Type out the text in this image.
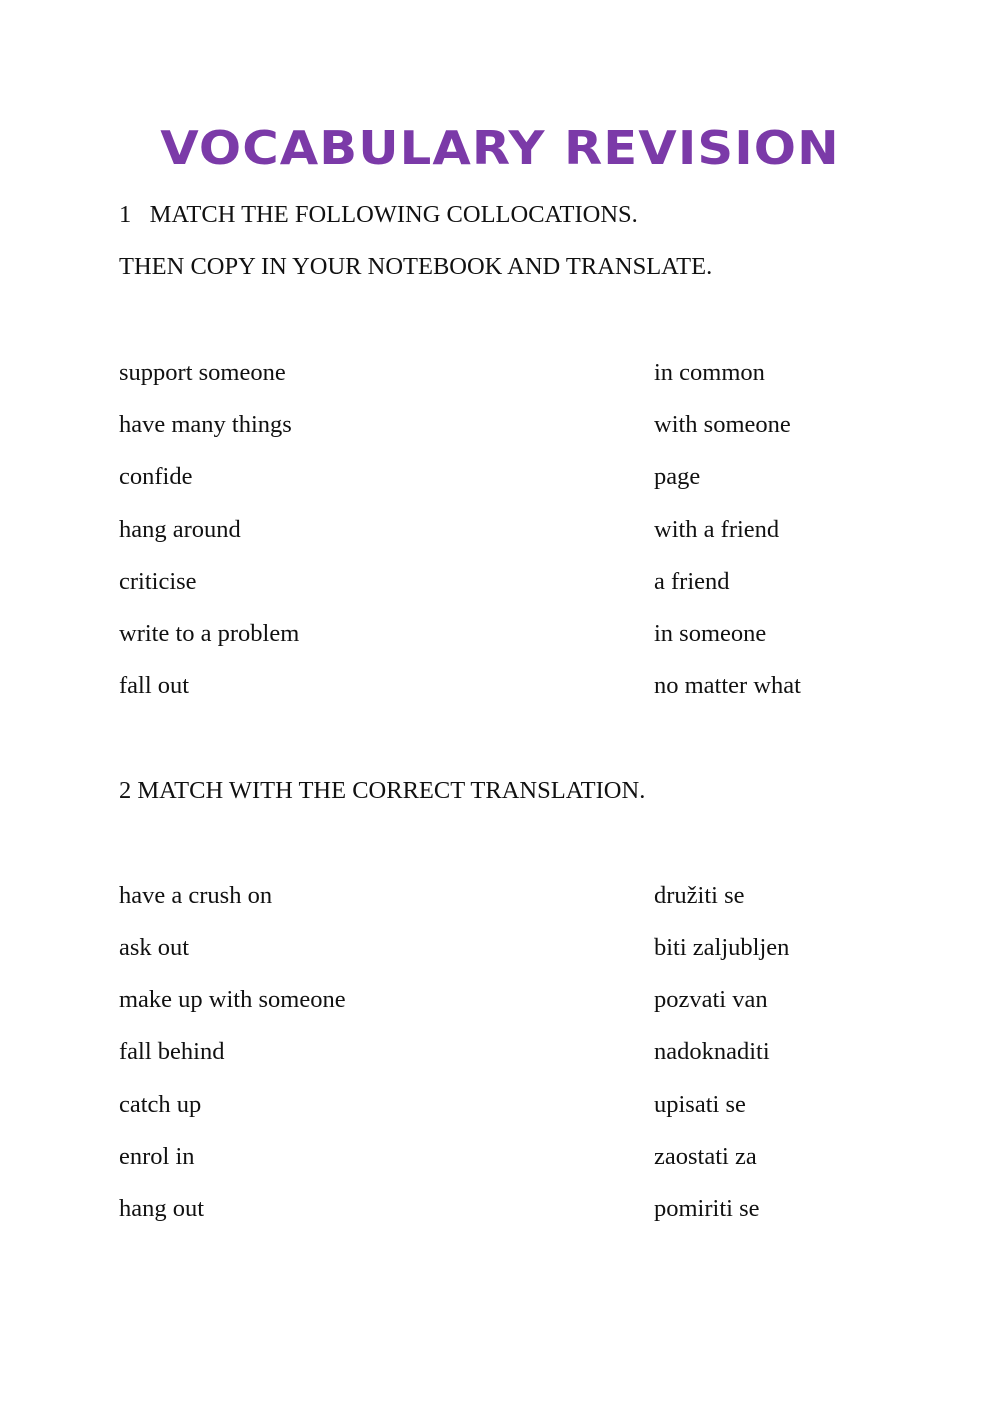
VOCABULARY REVISION
1   MATCH THE FOLLOWING COLLOCATIONS.
THEN COPY IN YOUR NOTEBOOK AND TRANSLATE.
support someone
have many things
confide
hang around
criticise
write to a problem
fall out
in common
with someone
page
with a friend
a friend
in someone
no matter what
2 MATCH WITH THE CORRECT TRANSLATION.
have a crush on
ask out
make up with someone
fall behind
catch up
enrol in
hang out
družiti se
biti zaljubljen
pozvati van
nadoknaditi
upisati se
zaostati za
pomiriti se
